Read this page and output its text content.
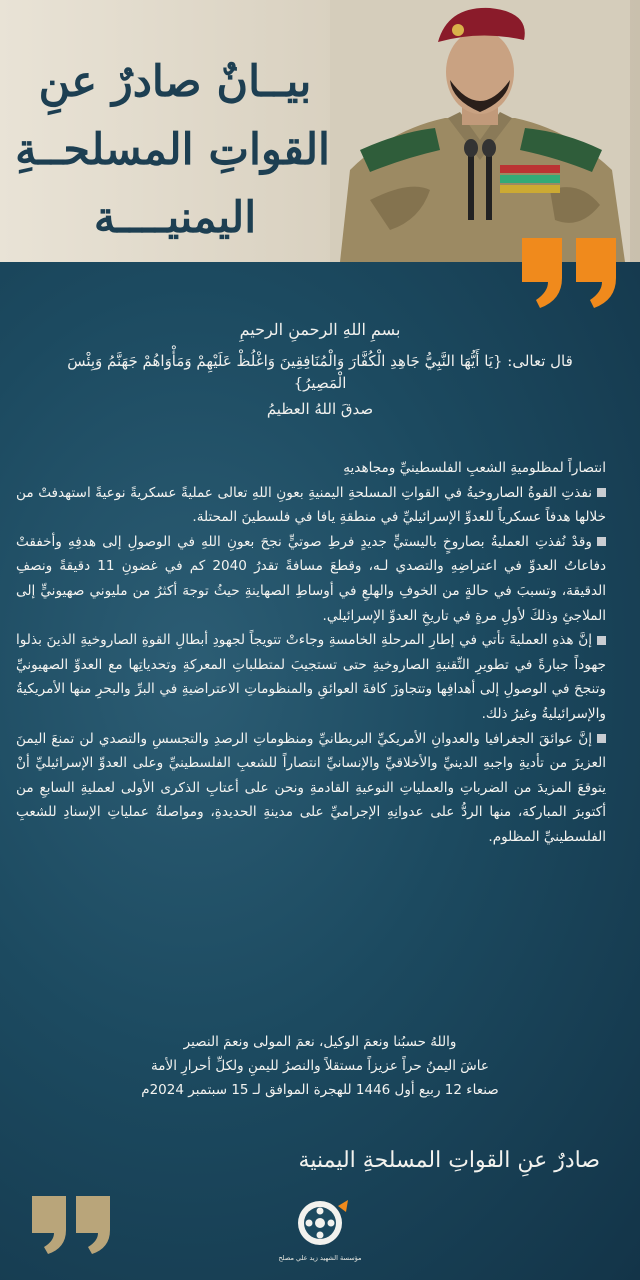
بيــانٌ صادرٌ عنِ
القواتِ المسلحــةِ
اليمنيــــة
بسمِ اللهِ الرحمنِ الرحيمِ
قال تعالى: {يَا أَيُّهَا النَّبِيُّ جَاهِدِ الْكُفَّارَ وَالْمُنَافِقِينَ وَاغْلُظْ عَلَيْهِمْ وَمَأْوَاهُمْ جَهَنَّمُ وَبِئْسَ الْمَصِيرُ}
صدقَ اللهُ العظيمُ

انتصاراً لمظلوميةِ الشعبِ الفلسطينيِّ ومجاهديهِ

نفذتِ القوةُ الصاروخيةُ في القواتِ المسلحةِ اليمنيةِ بعونِ اللهِ تعالى عمليةً عسكريةً نوعيةً استهدفتْ من خلالها هدفاً عسكرياً للعدوِّ الإسرائيليِّ في منطقةِ يافا في فلسطينَ المحتلة.

وقدْ نُفذتِ العمليةُ بصاروخٍ باليستيٍّ جديدٍ فرطِ صوتيٍّ نجحَ بعونِ اللهِ في الوصولِ إلى هدفِهِ وأخفقتْ دفاعاتُ العدوِّ في اعتراضِهِ والتصدي لـه، وقطعَ مسافةً تقدرُ 2040 كم في غضونِ 11 دقيقةً ونصفِ الدقيقة، وتسببَ في حالةٍ من الخوفِ والهلعِ في أوساطِ الصهاينةِ حيثُ توجهَ أكثرُ من مليوني صهيونيٍّ إلى الملاجئِ وذلكَ لأولِ مرةٍ في تاريخِ العدوِّ الإسرائيلي.

إنَّ هذهِ العمليةَ تأتي في إطارِ المرحلةِ الخامسةِ وجاءتْ تتويجاً لجهودِ أبطالِ القوةِ الصاروخيةِ الذينَ بذلوا جهوداً جبارةً في تطويرِ التِّقنيةِ الصاروخيةِ حتى تستجيبَ لمتطلباتِ المعركةِ وتحدياتِها مع العدوِّ الصهيونيِّ وتنجحَ في الوصولِ إلى أهدافِها وتتجاوزَ كافةَ العوائقِ والمنظوماتِ الاعتراضيةِ في البرِّ والبحرِ منها الأمريكيةُ والإسرائيليةُ وغيرُ ذلك.

إنَّ عوائقَ الجغرافيا والعدوانِ الأمريكيِّ البريطانيِّ ومنظوماتِ الرصدِ والتجسسِ والتصدي لن تمنعَ اليمنَ العزيزَ من تأديةِ واجبهِ الدينيِّ والأخلاقيِّ والإنسانيِّ انتصاراً للشعبِ الفلسطينيِّ وعلى العدوِّ الإسرائيليِّ أنْ يتوقعَ المزيدَ من الضرباتِ والعملياتِ النوعيةِ القادمةِ ونحن على أعتابِ الذكرى الأولى لعمليةِ السابعِ من أكتوبرَ المباركة، منها الردُّ على عدوانِهِ الإجراميِّ على مدينةِ الحديدةِ، ومواصلةُ عملياتِ الإسنادِ للشعبِ الفلسطينيِّ المظلوم.

واللهُ حسبُنا ونعمَ الوكيل، نعمَ المولى ونعمَ النصير
عاشَ اليمنُ حراً عزيزاً مستقلاً والنصرُ لليمنِ ولكلِّ أحرارِ الأمة
صنعاء 12 ربيع أول 1446 للهجرة الموافق لـ 15 سبتمبر 2024م
صادرٌ عنِ القواتِ المسلحةِ اليمنية
مؤسسة الشهيد زيد علي مصلح
